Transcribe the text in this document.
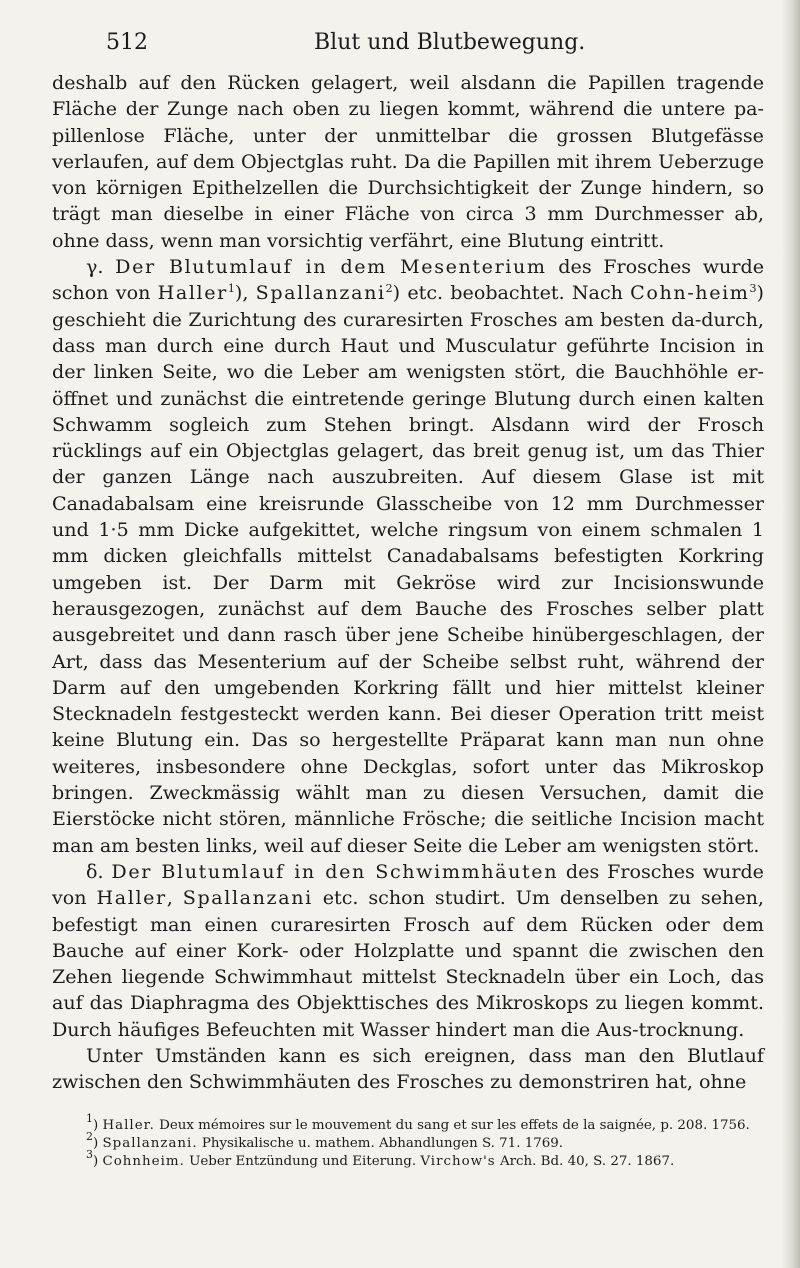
512	Blut und Blutbewegung.

deshalb auf den Rücken gelagert, weil alsdann die Papillen tragende Fläche der Zunge nach oben zu liegen kommt, während die untere pa-pillenlose Fläche, unter der unmittelbar die grossen Blutgefässe verlaufen, auf dem Objectglas ruht. Da die Papillen mit ihrem Ueberzuge von körnigen Epithelzellen die Durchsichtigkeit der Zunge hindern, so trägt man dieselbe in einer Fläche von circa 3 mm Durchmesser ab, ohne dass, wenn man vorsichtig verfährt, eine Blutung eintritt.

γ. Der Blutumlauf in dem Mesenterium des Frosches wurde schon von Haller$^1$), Spallanzani$^2$) etc. beobachtet. Nach Cohn-heim$^3$) geschieht die Zurichtung des curaresirten Frosches am besten da-durch, dass man durch eine durch Haut und Musculatur geführte Incision in der linken Seite, wo die Leber am wenigsten stört, die Bauchhöhle er-öffnet und zunächst die eintretende geringe Blutung durch einen kalten Schwamm sogleich zum Stehen bringt. Alsdann wird der Frosch rücklings auf ein Objectglas gelagert, das breit genug ist, um das Thier der ganzen Länge nach auszubreiten. Auf diesem Glase ist mit Canadabalsam eine kreisrunde Glasscheibe von 12 mm Durchmesser und 1·5 mm Dicke aufgekittet, welche ringsum von einem schmalen 1 mm dicken gleichfalls mittelst Canadabalsams befestigten Korkring umgeben ist. Der Darm mit Gekröse wird zur Incisionswunde herausgezogen, zunächst auf dem Bauche des Frosches selber platt ausgebreitet und dann rasch über jene Scheibe hinübergeschlagen, der Art, dass das Mesenterium auf der Scheibe selbst ruht, während der Darm auf den umgebenden Korkring fällt und hier mittelst kleiner Stecknadeln festgesteckt werden kann. Bei dieser Operation tritt meist keine Blutung ein. Das so hergestellte Präparat kann man nun ohne weiteres, insbesondere ohne Deckglas, sofort unter das Mikroskop bringen. Zweckmässig wählt man zu diesen Versuchen, damit die Eierstöcke nicht stören, männliche Frösche; die seitliche Incision macht man am besten links, weil auf dieser Seite die Leber am wenigsten stört.

δ. Der Blutumlauf in den Schwimmhäuten des Frosches wurde von Haller, Spallanzani etc. schon studirt. Um denselben zu sehen, befestigt man einen curaresirten Frosch auf dem Rücken oder dem Bauche auf einer Kork- oder Holzplatte und spannt die zwischen den Zehen liegende Schwimmhaut mittelst Stecknadeln über ein Loch, das auf das Diaphragma des Objekttisches des Mikroskops zu liegen kommt. Durch häufiges Befeuchten mit Wasser hindert man die Aus-trocknung.

Unter Umständen kann es sich ereignen, dass man den Blutlauf zwischen den Schwimmhäuten des Frosches zu demonstriren hat, ohne

$^1$) Haller. Deux mémoires sur le mouvement du sang et sur les effets de la saignée, p. 208. 1756.

$^2$) Spallanzani. Physikalische u. mathem. Abhandlungen S. 71. 1769.

$^3$) Cohnheim. Ueber Entzündung und Eiterung. Virchow's Arch. Bd. 40, S. 27. 1867.
